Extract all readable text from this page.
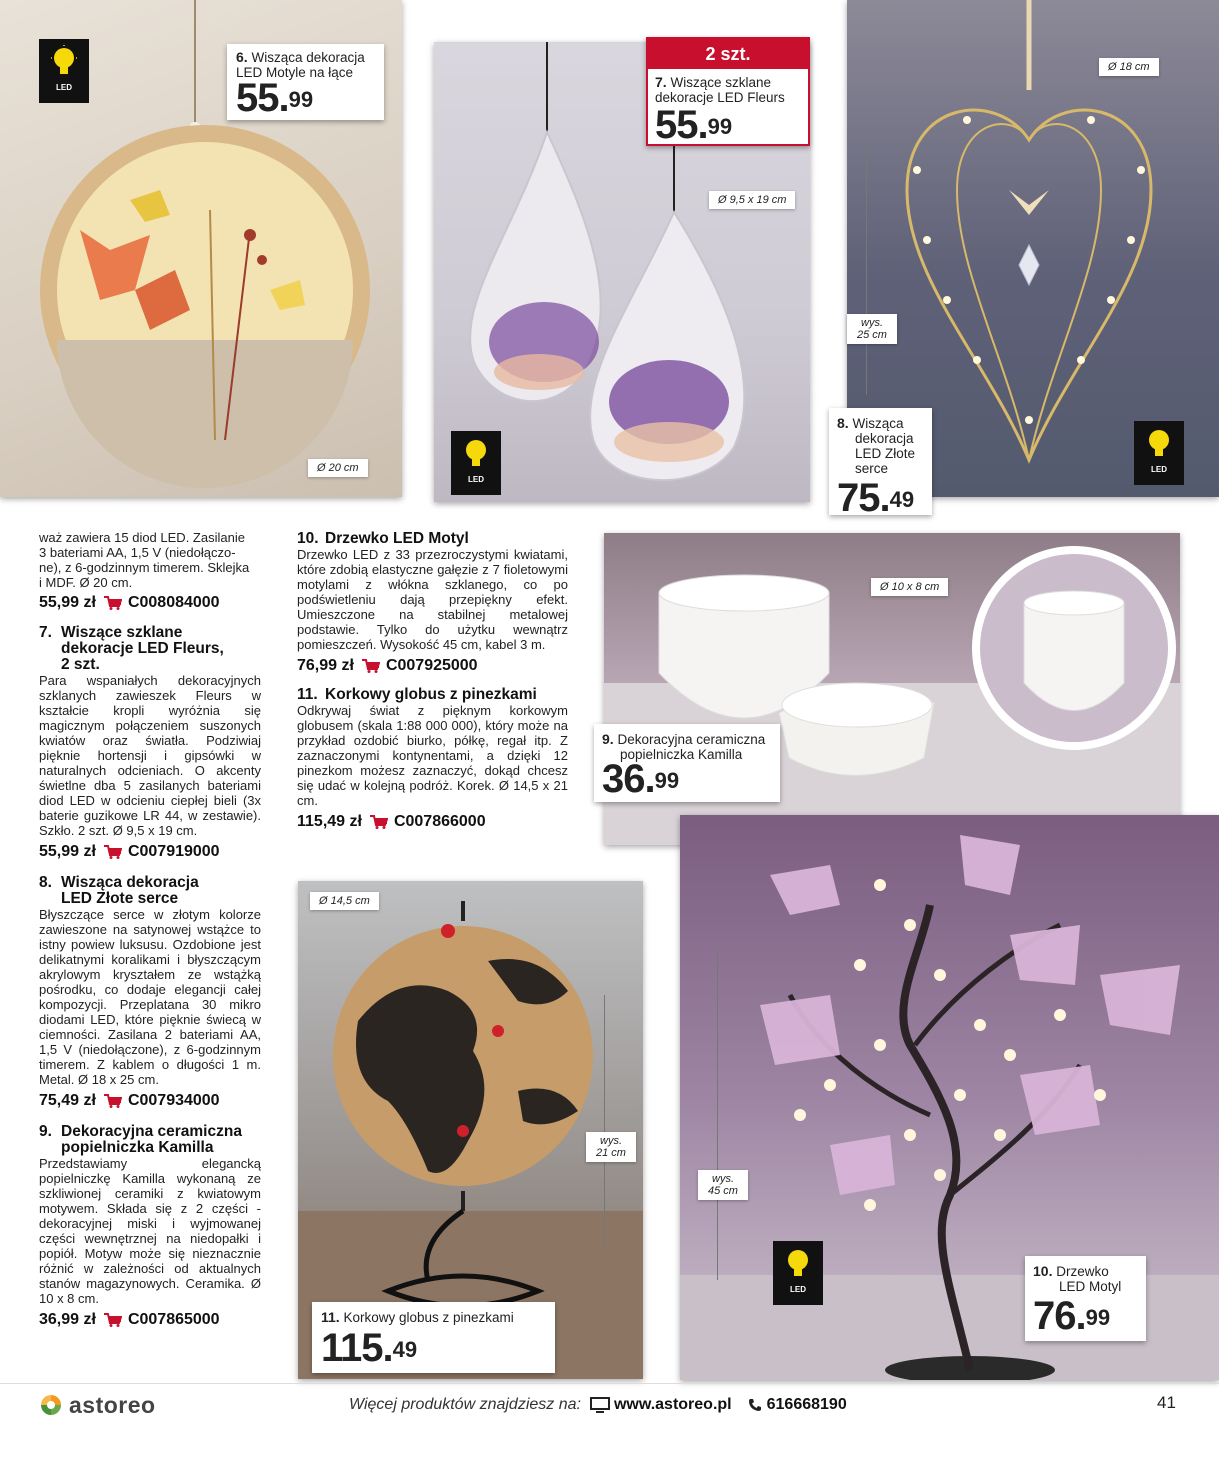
6. Wisząca dekoracja
LED Motyle na łące
55.99
LED
Ø 20 cm
2 szt.
7. Wiszące szklane
dekoracje LED Fleurs
55.99
LED
Ø 9,5 x 19 cm
Ø 18 cm
wys.
25 cm
8. Wisząca
dekoracja
LED Złote
serce
75.49
LED
Ø 10 x 8 cm
9. Dekoracyjna ceramiczna
popielniczka Kamilla
36.99
wys.
45 cm
LED
10. Drzewko
LED Motyl
76.99
Ø 14,5 cm
wys.
21 cm
11. Korkowy globus z pinezkami
115.49
waż zawiera 15 diod LED. Zasilanie
3 bateriami AA, 1,5 V (niedołączo-
ne), z 6-godzinnym timerem. Sklejka
i MDF. Ø 20 cm.
55,99 zł C008084000
7. Wiszące szklane
dekoracje LED Fleurs,
2 szt.
Para wspaniałych dekoracyjnych szklanych zawieszek Fleurs w kształcie kropli wyróżnia się magicznym połączeniem suszonych kwiatów oraz światła. Podziwiaj pięknie hortensji i gipsówki w naturalnych odcieniach. O akcenty świetlne dba 5 zasilanych bateriami diod LED w odcieniu ciepłej bieli (3x baterie guzikowe LR 44, w zestawie). Szkło. 2 szt. Ø 9,5 x 19 cm.
55,99 zł C007919000
8. Wisząca dekoracja
LED Złote serce
Błyszczące serce w złotym kolorze zawieszone na satynowej wstążce to istny powiew luksusu. Ozdobione jest delikatnymi koralikami i błyszczącym akrylowym kryształem ze wstążką pośrodku, co dodaje elegancji całej kompozycji. Przeplatana 30 mikro diodami LED, które pięknie świecą w ciemności. Zasilana 2 bateriami AA, 1,5 V (niedołączone), z 6-godzinnym timerem. Z kablem o długości 1 m. Metal. Ø 18 x 25 cm.
75,49 zł C007934000
9. Dekoracyjna ceramiczna
popielniczka Kamilla
Przedstawiamy elegancką popielniczkę Kamilla wykonaną ze szkliwionej ceramiki z kwiatowym motywem. Składa się z 2 części - dekoracyjnej miski i wyjmowanej części wewnętrznej na niedopałki i popiół. Motyw może się nieznacznie różnić w zależności od aktualnych stanów magazynowych. Ceramika. Ø 10 x 8 cm.
36,99 zł C007865000
10. Drzewko LED Motyl
Drzewko LED z 33 przezroczystymi kwiatami, które zdobią elastyczne gałęzie z 7 fioletowymi motylami z włókna szklanego, co po podświetleniu dają przepiękny efekt. Umieszczone na stabilnej metalowej podstawie. Tylko do użytku wewnątrz pomieszczeń. Wysokość 45 cm, kabel 3 m.
76,99 zł C007925000
11. Korkowy globus z pinezkami
Odkrywaj świat z pięknym korkowym globusem (skala 1:88 000 000), który może na przykład ozdobić biurko, półkę, regał itp. Z zaznaczonymi kontynentami, a dzięki 12 pinezkom możesz zaznaczyć, dokąd chcesz się udać w kolejną podróż. Korek. Ø 14,5 x 21 cm.
115,49 zł C007866000
astoreo	Więcej produktów znajdziesz na: www.astoreo.pl 616668190	41
